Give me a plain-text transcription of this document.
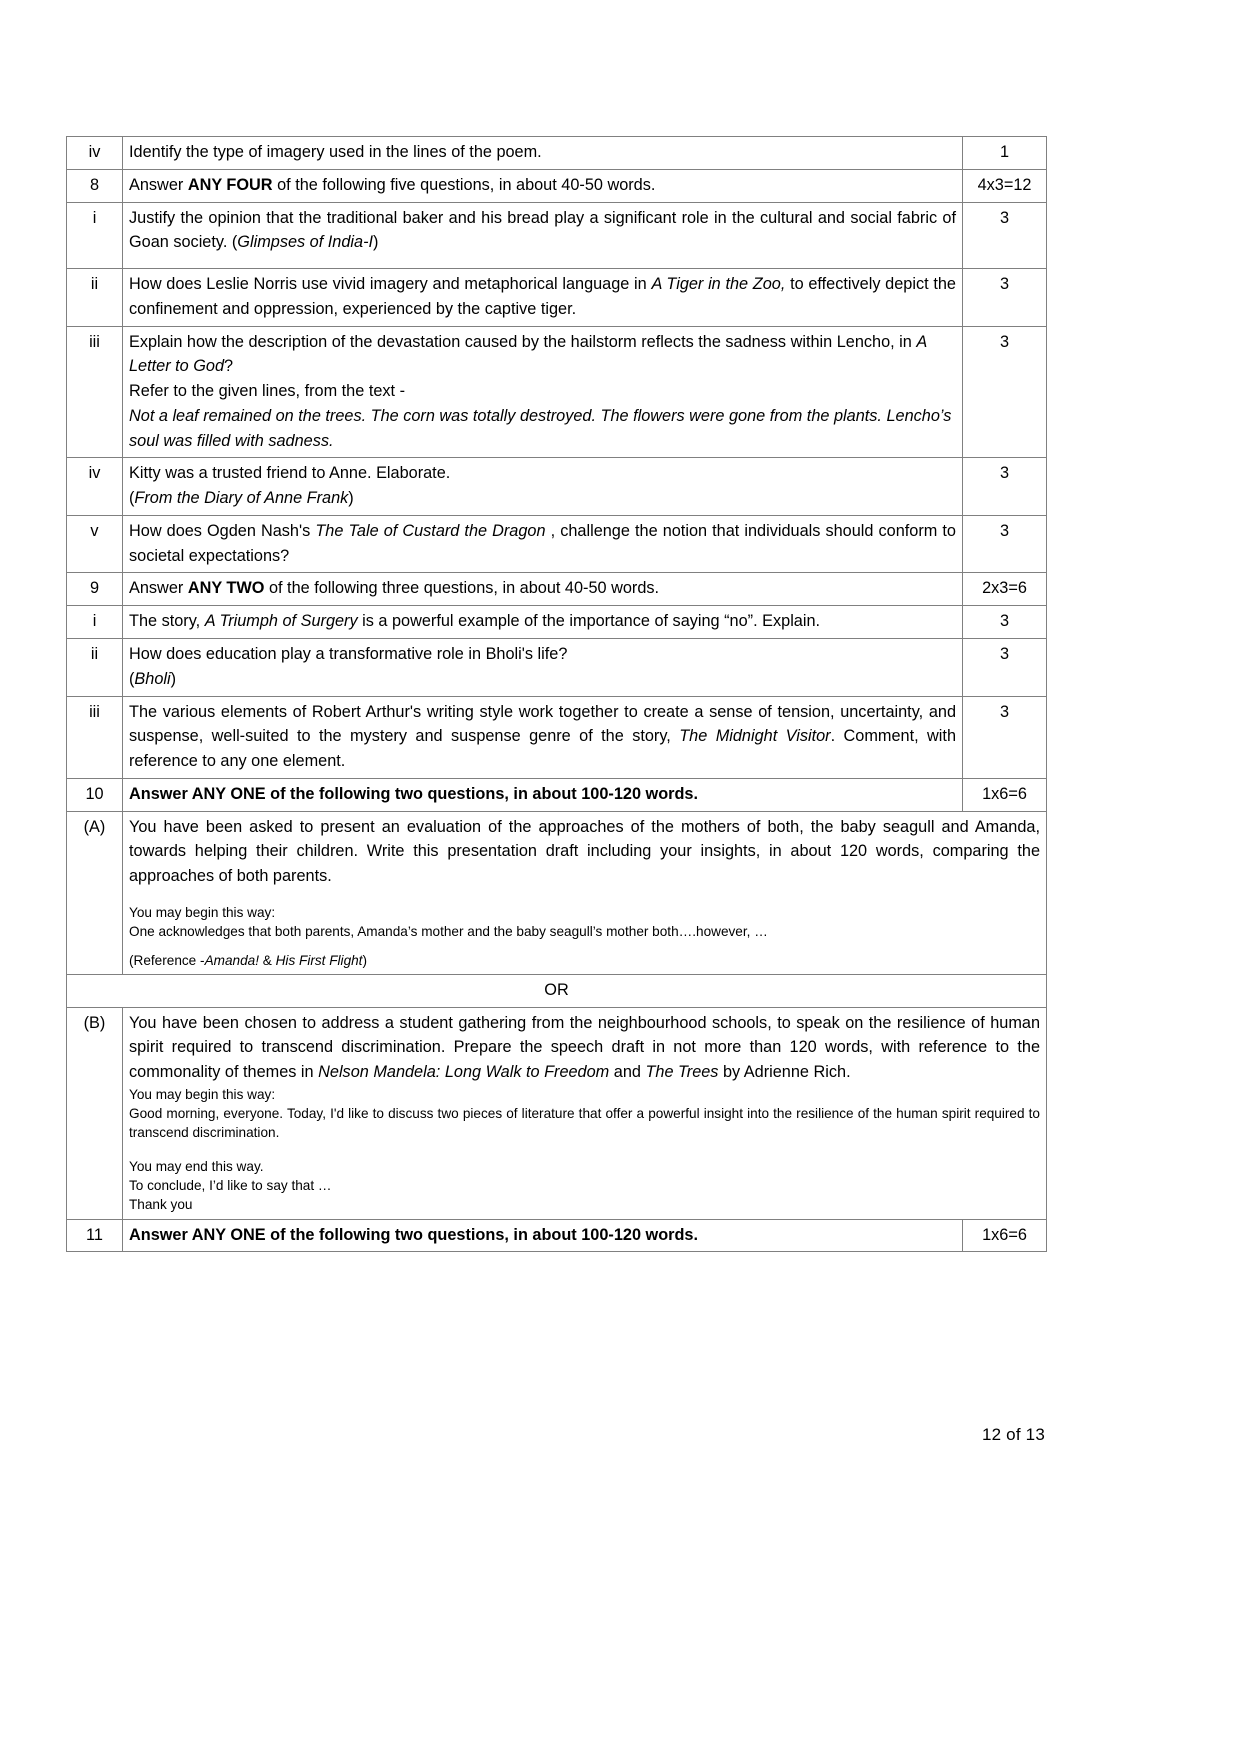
iv	Identify the type of imagery used in the lines of the poem.	1
8	Answer ANY FOUR of the following five questions, in about 40-50 words.	4x3=12
i	Justify the opinion that the traditional baker and his bread play a significant role in the cultural and social fabric of Goan society. (Glimpses of India-I)	3
ii	How does Leslie Norris use vivid imagery and metaphorical language in A Tiger in the Zoo, to effectively depict the confinement and oppression, experienced by the captive tiger.	3
iii	Explain how the description of the devastation caused by the hailstorm reflects the sadness within Lencho, in A Letter to God?
Refer to the given lines, from the text -
Not a leaf remained on the trees. The corn was totally destroyed. The flowers were gone from the plants. Lencho’s soul was filled with sadness.	3
iv	Kitty was a trusted friend to Anne. Elaborate.
(From the Diary of Anne Frank)	3
v	How does Ogden Nash's The Tale of Custard the Dragon , challenge the notion that individuals should conform to societal expectations?	3
9	Answer ANY TWO of the following three questions, in about 40-50 words.	2x3=6
i	The story, A Triumph of Surgery is a powerful example of the importance of saying “no”. Explain.	3
ii	How does education play a transformative role in Bholi's life?
(Bholi)	3
iii	The various elements of Robert Arthur's writing style work together to create a sense of tension, uncertainty, and suspense, well-suited to the mystery and suspense genre of the story, The Midnight Visitor. Comment, with reference to any one element.	3
10	Answer ANY ONE of the following two questions, in about 100-120 words.	1x6=6
(A)	You have been asked to present an evaluation of the approaches of the mothers of both, the baby seagull and Amanda, towards helping their children. Write this presentation draft including your insights, in about 120 words, comparing the approaches of both parents.
You may begin this way:
One acknowledges that both parents, Amanda’s mother and the baby seagull’s mother both….however, …
(Reference -Amanda! & His First Flight)	

OR		
(B)	You have been chosen to address a student gathering from the neighbourhood schools, to speak on the resilience of human spirit required to transcend discrimination. Prepare the speech draft in not more than 120 words, with reference to the commonality of themes in Nelson Mandela: Long Walk to Freedom and The Trees by Adrienne Rich.
You may begin this way:
Good morning, everyone. Today, I'd like to discuss two pieces of literature that offer a powerful insight into the resilience of the human spirit required to transcend discrimination.
You may end this way.
To conclude, I’d like to say that …
Thank you

11	Answer ANY ONE of the following two questions, in about 100-120 words.	1x6=6
12 of 13
